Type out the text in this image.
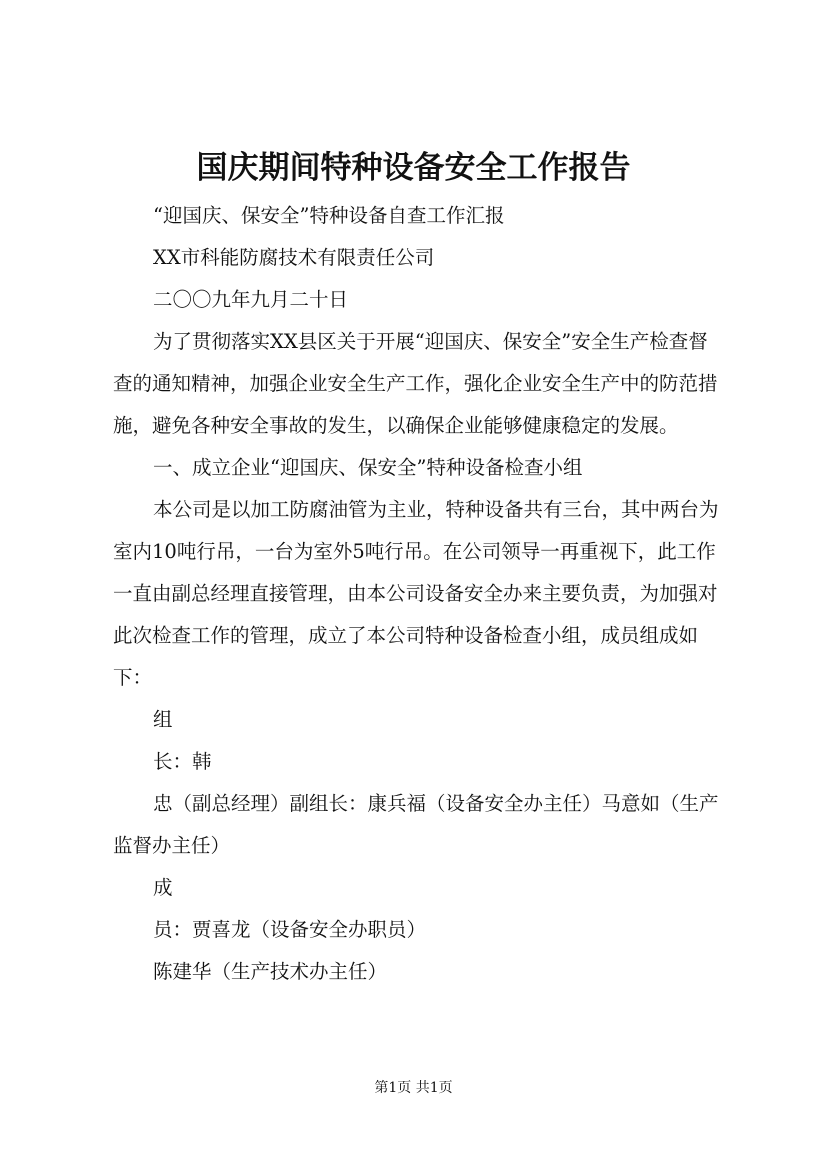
国庆期间特种设备安全工作报告

“迎国庆、保安全”特种设备自查工作汇报

XX市科能防腐技术有限责任公司

二〇〇九年九月二十日

为了贯彻落实XX县区关于开展“迎国庆、保安全”安全生产检查督查的通知精神，加强企业安全生产工作，强化企业安全生产中的防范措施，避免各种安全事故的发生，以确保企业能够健康稳定的发展。

一、成立企业“迎国庆、保安全”特种设备检查小组

本公司是以加工防腐油管为主业，特种设备共有三台，其中两台为室内10吨行吊，一台为室外5吨行吊。在公司领导一再重视下，此工作一直由副总经理直接管理，由本公司设备安全办来主要负责，为加强对此次检查工作的管理，成立了本公司特种设备检查小组，成员组成如下：

组

长：韩

忠（副总经理）副组长：康兵福（设备安全办主任）马意如（生产监督办主任）

成

员：贾喜龙（设备安全办职员）

陈建华（生产技术办主任）

第1页 共1页
